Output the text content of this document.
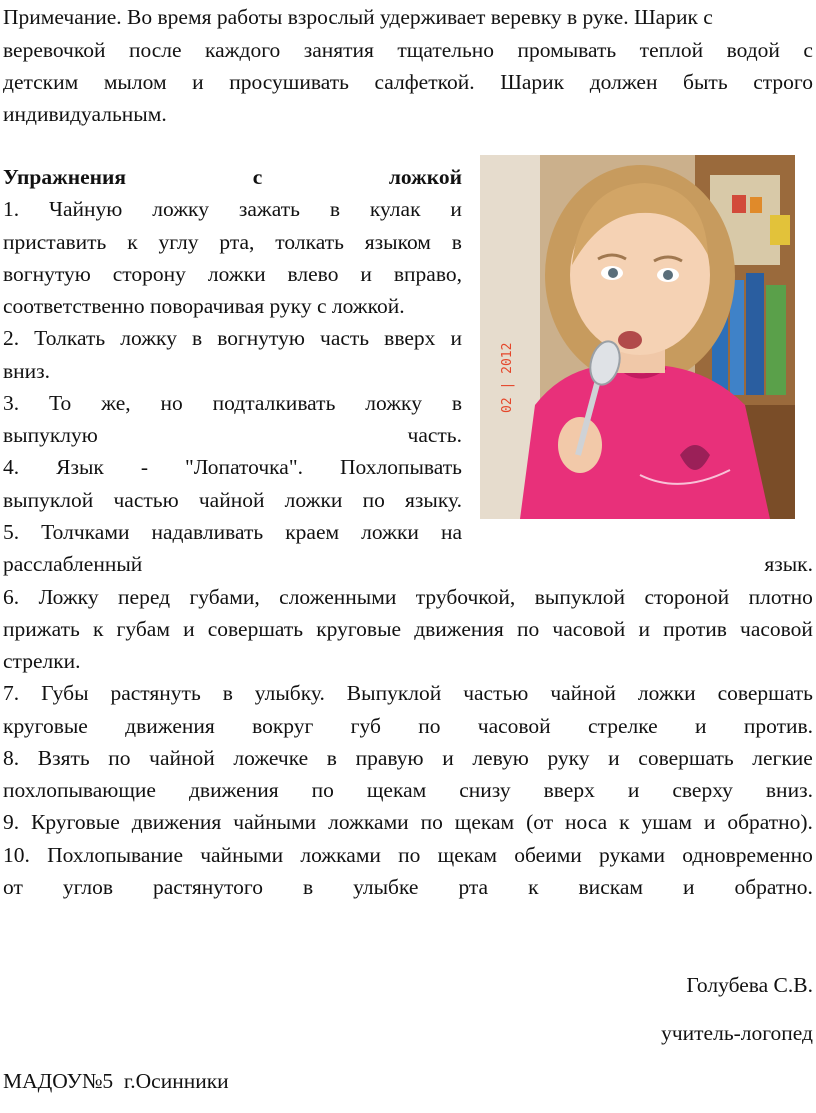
Примечание. Во время работы взрослый удерживает веревку в руке. Шарик с
веревочкой после каждого занятия тщательно промывать теплой водой с
детским мылом и просушивать салфеткой. Шарик должен быть строго
индивидуальным.
Упражнения	с	ложкой
1. Чайную ложку зажать в кулак и
приставить к углу рта, толкать языком в
вогнутую сторону ложки влево и вправо,
соответственно поворачивая руку с ложкой.
2. Толкать ложку в вогнутую часть вверх и
вниз.
3. То же, но подталкивать ложку в
выпуклую	часть.
4. Язык - "Лопаточка". Похлопывать
выпуклой частью чайной ложки по языку.
5. Толчками надавливать краем ложки на
расслабленный	язык.
6. Ложку перед губами, сложенными трубочкой, выпуклой стороной плотно
прижать к губам и совершать круговые движения по часовой и против часовой
стрелки.
7. Губы растянуть в улыбку. Выпуклой частью чайной ложки совершать
круговые движения вокруг губ по часовой стрелке и против.
8. Взять по чайной ложечке в правую и левую руку и совершать легкие
похлопывающие движения по щекам снизу вверх и сверху вниз.
9. Круговые движения чайными ложками по щекам (от носа к ушам и обратно).
10. Похлопывание чайными ложками по щекам обеими руками одновременно
от углов растянутого в улыбке рта к вискам и обратно.
Голубева С.В.
учитель-логопед
МАДОУ№5  г.Осинники
02 | 2012
